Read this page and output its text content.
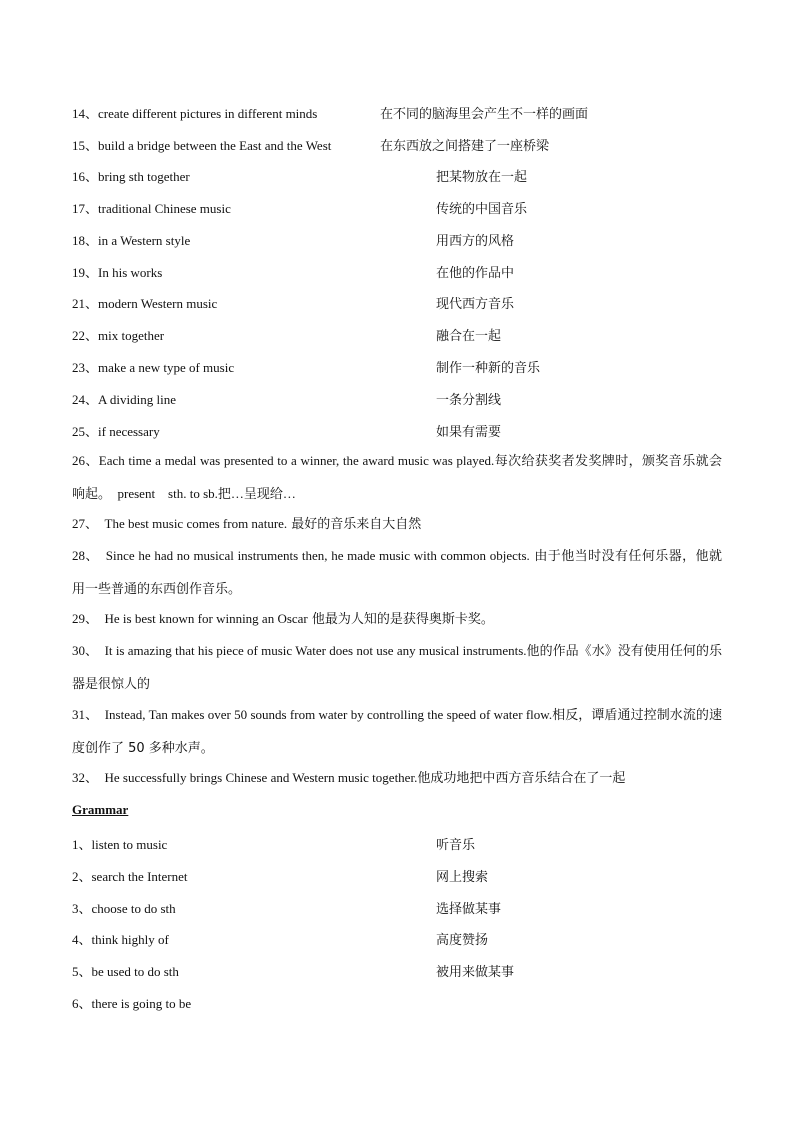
14、create different pictures in different minds	在不同的脑海里会产生不一样的画面
15、build a bridge between the East and the West	在东西放之间搭建了一座桥梁
16、bring sth together	把某物放在一起
17、traditional Chinese music	传统的中国音乐
18、in a Western style	用西方的风格
19、In his works	在他的作品中
21、modern Western music	现代西方音乐
22、mix together	融合在一起
23、make a new type of music	制作一种新的音乐
24、A dividing line	一条分割线
25、if necessary	如果有需要
26、Each time a medal was presented to a winner, the award music was played.每次给获奖者发奖牌时，颁奖音乐就会响起。　present　sth. to sb.把…呈现给…
27、　The best music comes from nature. 最好的音乐来自大自然
28、　Since he had no musical instruments then, he made music with common objects. 由于他当时没有任何乐器，他就用一些普通的东西创作音乐。
29、　He is best known for winning an Oscar 他最为人知的是获得奥斯卡奖。
30、　It is amazing that his piece of music Water does not use any musical instruments.他的作品《水》没有使用任何的乐器是很惊人的
31、　Instead, Tan makes over 50 sounds from water by controlling the speed of water flow.相反，谭盾通过控制水流的速度创作了 50 多种水声。
32、　He successfully brings Chinese and Western music together.他成功地把中西方音乐结合在了一起
Grammar
1、listen to music	听音乐
2、search the Internet	网上搜索
3、choose to do sth	选择做某事
4、think highly of	高度赞扬
5、be used to do sth	被用来做某事
6、there is going to be
